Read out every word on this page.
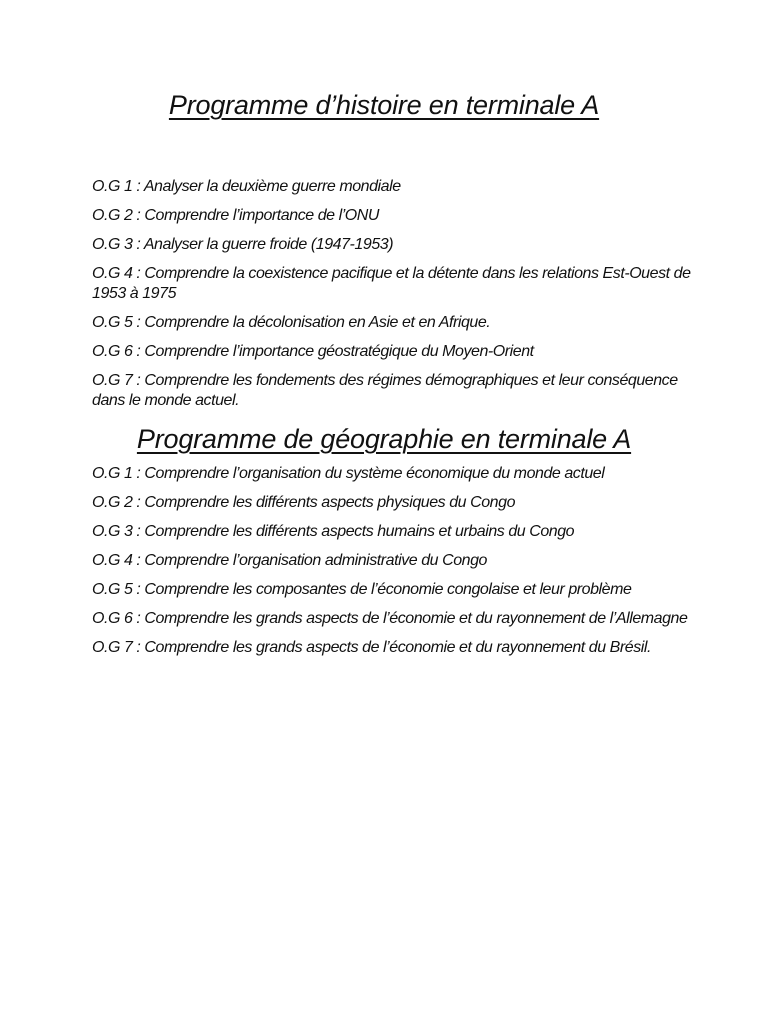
Programme d’histoire en terminale A
O.G 1 : Analyser la deuxième guerre mondiale
O.G 2 : Comprendre l’importance de l’ONU
O.G 3 : Analyser la guerre froide (1947-1953)
O.G 4 : Comprendre la coexistence pacifique et la détente dans les relations Est-Ouest de 1953 à 1975
O.G 5 : Comprendre la décolonisation en Asie et en Afrique.
O.G 6 : Comprendre l’importance géostratégique du Moyen-Orient
O.G 7 : Comprendre les fondements des régimes démographiques et leur conséquence dans le monde actuel.
Programme de géographie en terminale A
O.G 1 : Comprendre l’organisation du système économique du monde actuel
O.G 2 : Comprendre les différents aspects physiques du Congo
O.G 3 : Comprendre les différents aspects humains et urbains du Congo
O.G 4 : Comprendre l’organisation administrative du Congo
O.G 5 : Comprendre les composantes de l’économie congolaise et leur problème
O.G 6 : Comprendre les grands aspects de l’économie et du rayonnement de l’Allemagne
O.G 7 : Comprendre les grands aspects de l’économie et du rayonnement du Brésil.
